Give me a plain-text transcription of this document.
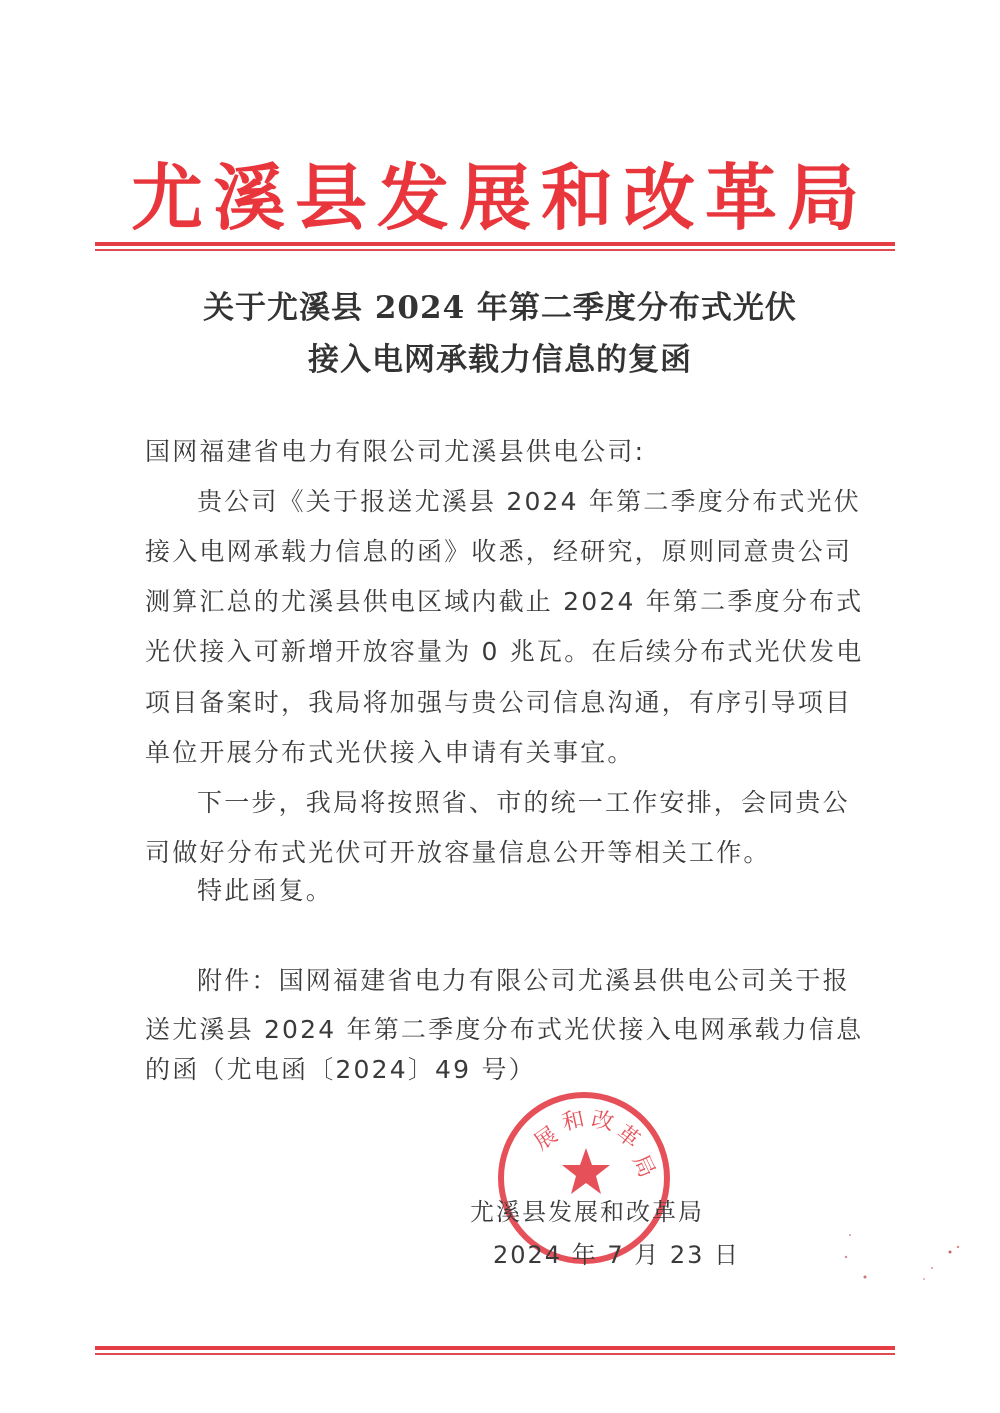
尤溪县发展和改革局
关于尤溪县 2024 年第二季度分布式光伏
接入电网承载力信息的复函
国网福建省电力有限公司尤溪县供电公司:
贵公司《关于报送尤溪县 2024 年第二季度分布式光伏
接入电网承载力信息的函》收悉，经研究，原则同意贵公司
测算汇总的尤溪县供电区域内截止 2024 年第二季度分布式
光伏接入可新增开放容量为 0 兆瓦。在后续分布式光伏发电
项目备案时，我局将加强与贵公司信息沟通，有序引导项目
单位开展分布式光伏接入申请有关事宜。
下一步，我局将按照省、市的统一工作安排，会同贵公
司做好分布式光伏可开放容量信息公开等相关工作。
特此函复。
附件：国网福建省电力有限公司尤溪县供电公司关于报
送尤溪县 2024 年第二季度分布式光伏接入电网承载力信息
的函（尤电函〔2024〕49 号）
展
和 改
革
局
尤溪县发展和改革局
2024 年 7 月 23 日
